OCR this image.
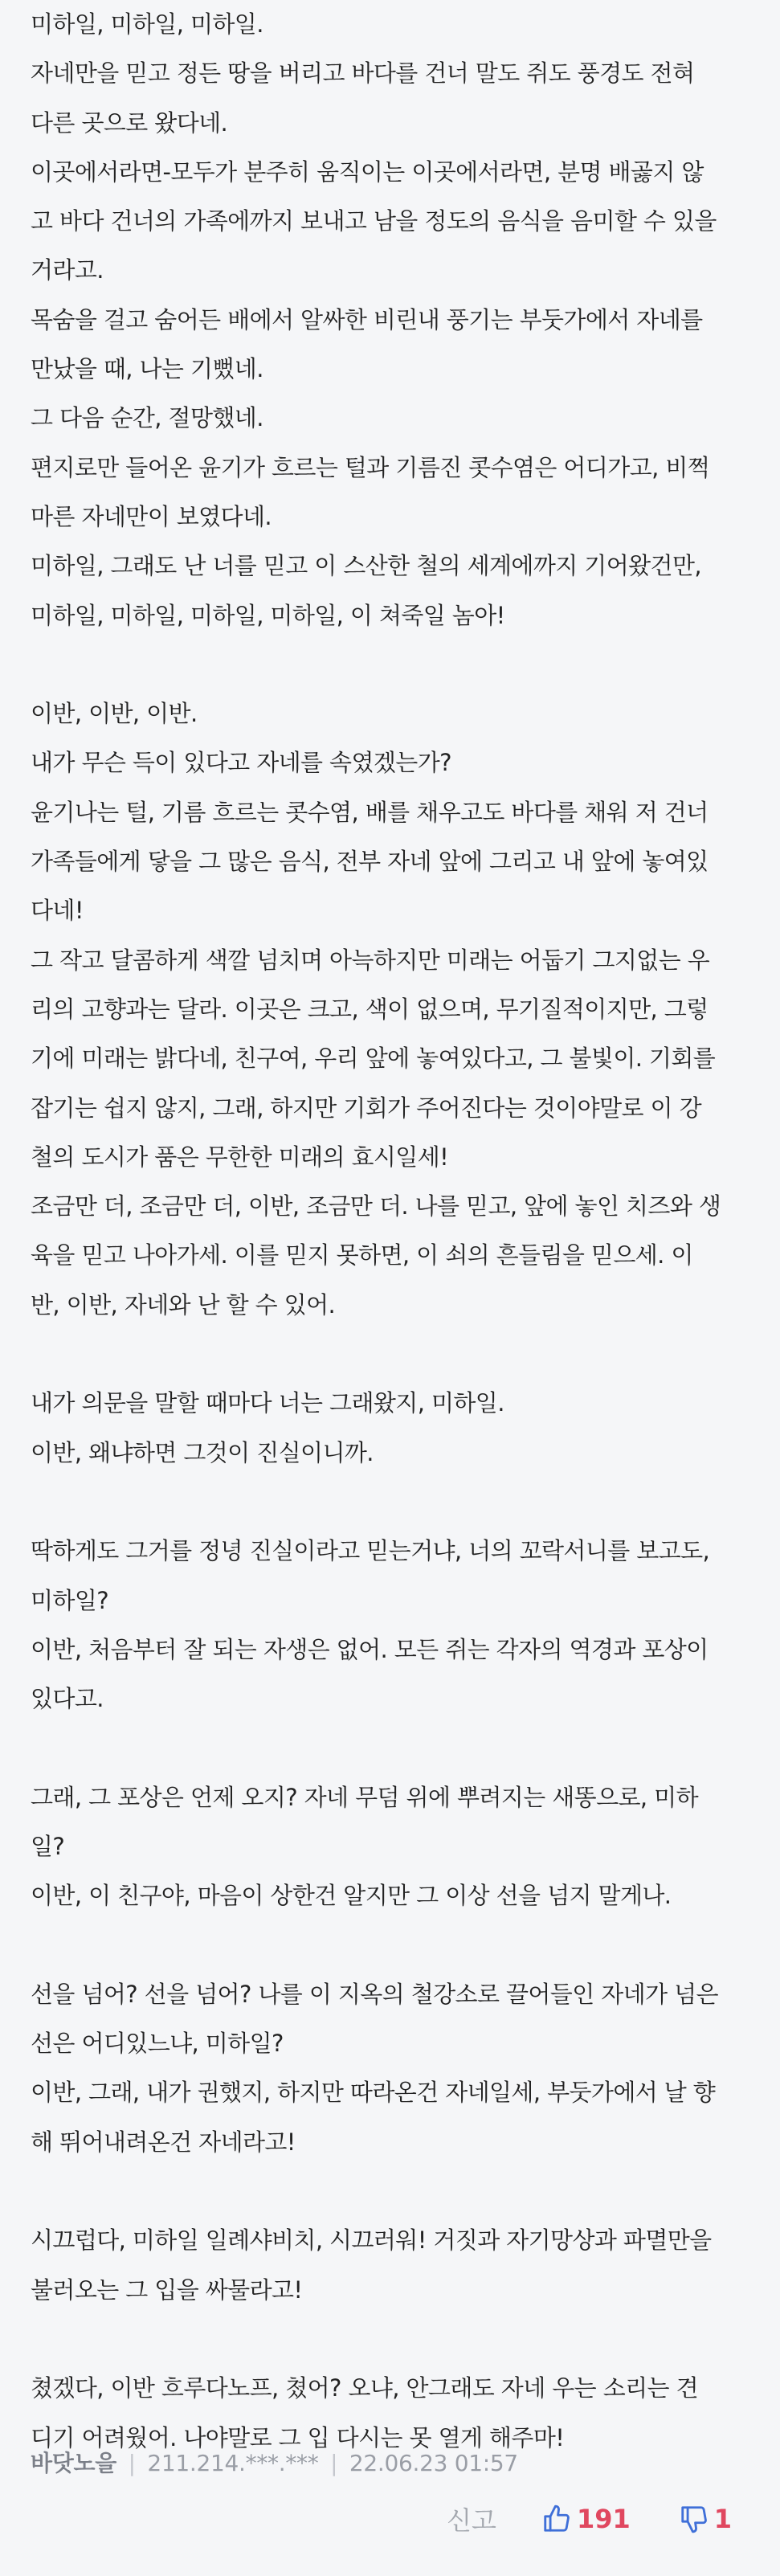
미하일, 미하일, 미하일.
자네만을 믿고 정든 땅을 버리고 바다를 건너 말도 쥐도 풍경도 전혀
다른 곳으로 왔다네.
이곳에서라면-모두가 분주히 움직이는 이곳에서라면, 분명 배곯지 않
고 바다 건너의 가족에까지 보내고 남을 정도의 음식을 음미할 수 있을
거라고.
목숨을 걸고 숨어든 배에서 알싸한 비린내 풍기는 부둣가에서 자네를
만났을 때, 나는 기뻤네.
그 다음 순간, 절망했네.
편지로만 들어온 윤기가 흐르는 털과 기름진 콧수염은 어디가고, 비쩍
마른 자네만이 보였다네.
미하일, 그래도 난 너를 믿고 이 스산한 철의 세계에까지 기어왔건만,
미하일, 미하일, 미하일, 미하일, 이 쳐죽일 놈아!
이반, 이반, 이반.
내가 무슨 득이 있다고 자네를 속였겠는가?
윤기나는 털, 기름 흐르는 콧수염, 배를 채우고도 바다를 채워 저 건너
가족들에게 닿을 그 많은 음식, 전부 자네 앞에 그리고 내 앞에 놓여있
다네!
그 작고 달콤하게 색깔 넘치며 아늑하지만 미래는 어둡기 그지없는 우
리의 고향과는 달라. 이곳은 크고, 색이 없으며, 무기질적이지만, 그렇
기에 미래는 밝다네, 친구여, 우리 앞에 놓여있다고, 그 불빛이. 기회를
잡기는 쉽지 않지, 그래, 하지만 기회가 주어진다는 것이야말로 이 강
철의 도시가 품은 무한한 미래의 효시일세!
조금만 더, 조금만 더, 이반, 조금만 더. 나를 믿고, 앞에 놓인 치즈와 생
육을 믿고 나아가세. 이를 믿지 못하면, 이 쇠의 흔들림을 믿으세. 이
반, 이반, 자네와 난 할 수 있어.
내가 의문을 말할 때마다 너는 그래왔지, 미하일.
이반, 왜냐하면 그것이 진실이니까.
딱하게도 그거를 정녕 진실이라고 믿는거냐, 너의 꼬락서니를 보고도,
미하일?
이반, 처음부터 잘 되는 자생은 없어. 모든 쥐는 각자의 역경과 포상이
있다고.
그래, 그 포상은 언제 오지? 자네 무덤 위에 뿌려지는 새똥으로, 미하
일?
이반, 이 친구야, 마음이 상한건 알지만 그 이상 선을 넘지 말게나.
선을 넘어? 선을 넘어? 나를 이 지옥의 철강소로 끌어들인 자네가 넘은
선은 어디있느냐, 미하일?
이반, 그래, 내가 권했지, 하지만 따라온건 자네일세, 부둣가에서 날 향
해 뛰어내려온건 자네라고!
시끄럽다, 미하일 일례샤비치, 시끄러워! 거짓과 자기망상과 파멸만을
불러오는 그 입을 싸물라고!
쳤겠다, 이반 흐루다노프, 쳤어? 오냐, 안그래도 자네 우는 소리는 견
디기 어려웠어. 나야말로 그 입 다시는 못 열게 해주마!
바닷노을 | 211.214.***.*** | 22.06.23 01:57
신고	191	1
